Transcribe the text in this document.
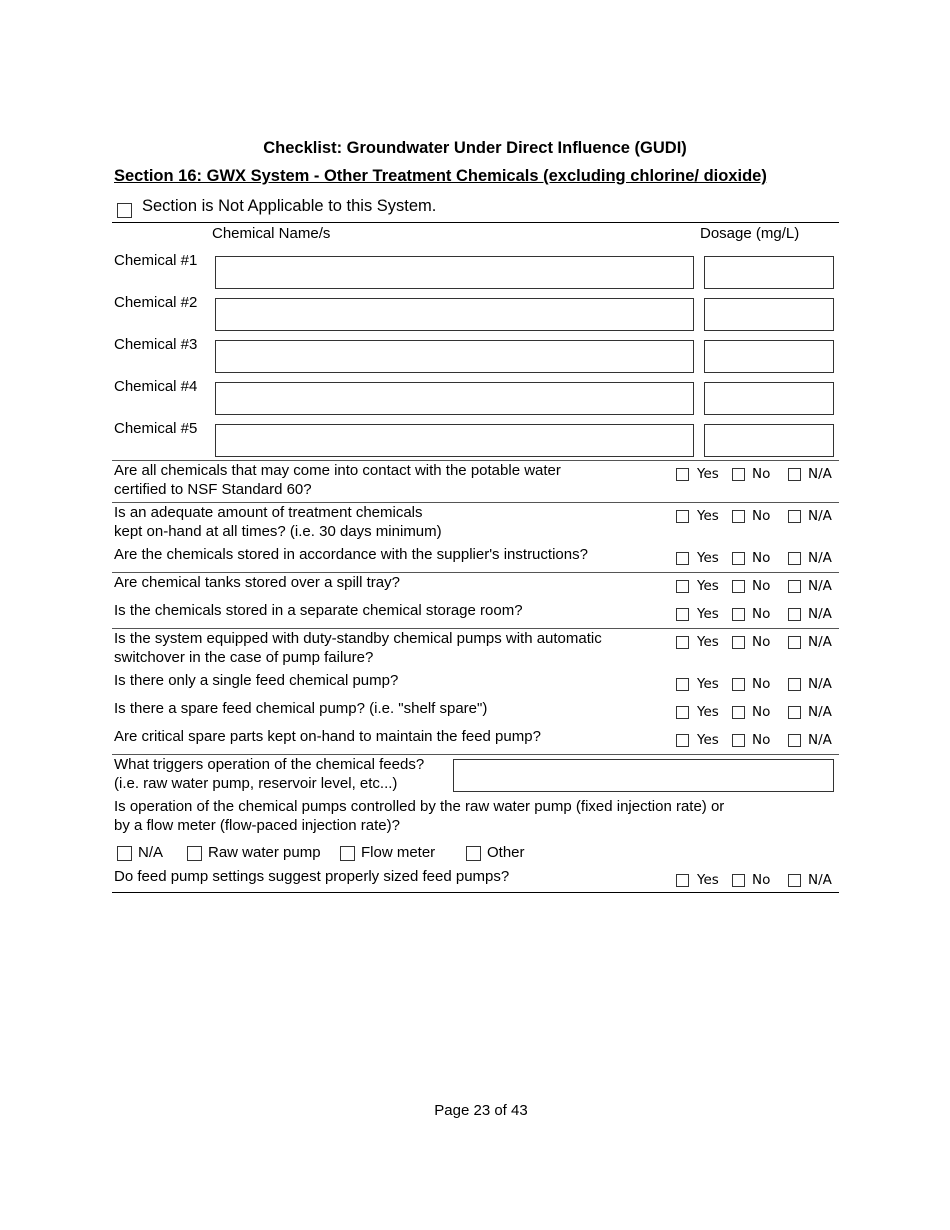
Checklist: Groundwater Under Direct Influence (GUDI)
Section 16: GWX System - Other Treatment Chemicals (excluding chlorine/ dioxide)
Section is Not Applicable to this System.
Chemical Name/s	Dosage (mg/L)
Chemical #1
Chemical #2
Chemical #3
Chemical #4
Chemical #5
Are all chemicals that may come into contact with the potable water
certified to NSF Standard 60?
Yes No	N/A
Is an adequate amount of treatment chemicals
kept on-hand at all times? (i.e. 30 days minimum)
Yes No	N/A
Are the chemicals stored in accordance with the supplier's instructions?	Yes No	N/A
Are chemical tanks stored over a spill tray?	Yes No	N/A
Is the chemicals stored in a separate chemical storage room?	Yes No	N/A
Is the system equipped with duty-standby chemical pumps with automatic
switchover in the case of pump failure?
Yes No	N/A
Is there only a single feed chemical pump?	Yes No	N/A
Is there a spare feed chemical pump? (i.e. "shelf spare")	Yes No	N/A
Are critical spare parts kept on-hand to maintain the feed pump?	Yes No	N/A
What triggers operation of the chemical feeds?
(i.e. raw water pump, reservoir level, etc...)
Is operation of the chemical pumps controlled by the raw water pump (fixed injection rate) or
by a flow meter (flow-paced injection rate)?
N/A	Raw water pump	Flow meter	Other
Do feed pump settings suggest properly sized feed pumps?	Yes No	N/A
Page 23 of 43
